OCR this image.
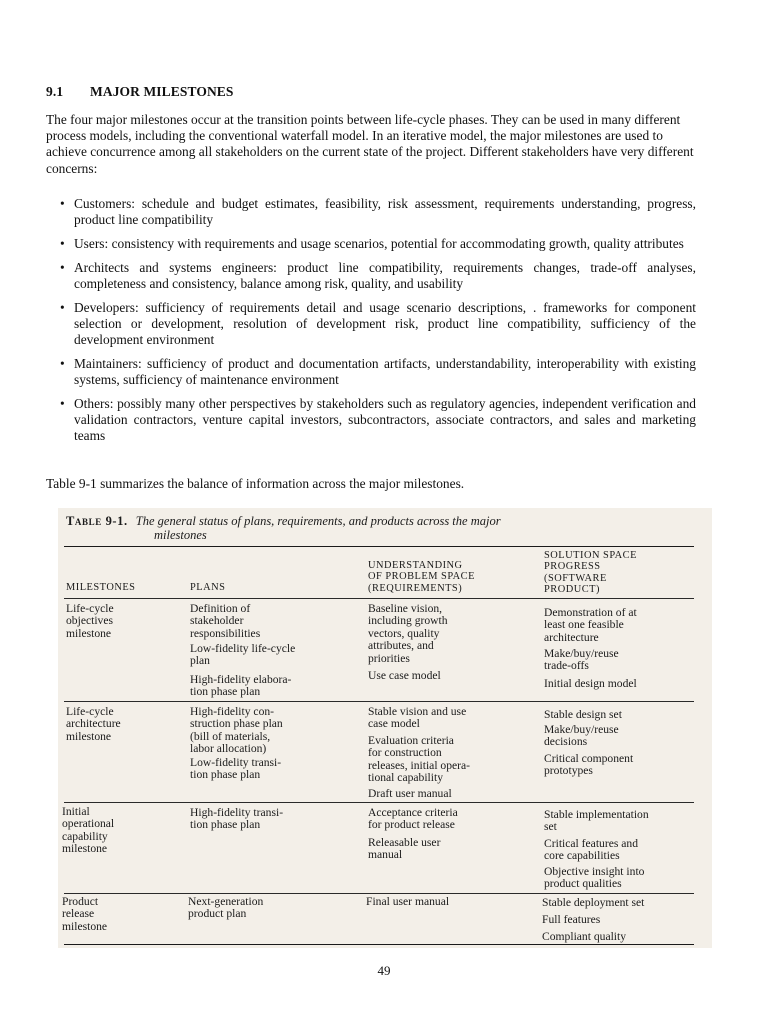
9.1 MAJOR MILESTONES
The four major milestones occur at the transition points between life-cycle phases. They can be used in many different process models, including the conventional waterfall model. In an iterative model, the major milestones are used to achieve concurrence among all stakeholders on the current state of the project. Different stakeholders have very different concerns:
• Customers: schedule and budget estimates, feasibility, risk assessment, requirements understanding, progress, product line compatibility
• Users: consistency with requirements and usage scenarios, potential for accommodating growth, quality attributes
• Architects and systems engineers: product line compatibility, requirements changes, trade-off analyses, completeness and consistency, balance among risk, quality, and usability
• Developers: sufficiency of requirements detail and usage scenario descriptions, . frameworks for component selection or development, resolution of development risk, product line compatibility, sufficiency of the development environment
• Maintainers: sufficiency of product and documentation artifacts, understandability, interoperability with existing systems, sufficiency of maintenance environment
• Others: possibly many other perspectives by stakeholders such as regulatory agencies, independent verification and validation contractors, venture capital investors, subcontractors, associate contractors, and sales and marketing teams
Table 9-1 summarizes the balance of information across the major milestones.
Table 9-1. The general status of plans, requirements, and products across the major
milestones
MILESTONES	PLANS
UNDERSTANDING
OF PROBLEM SPACE
(REQUIREMENTS)
SOLUTION SPACE
PROGRESS
(SOFTWARE
PRODUCT)
Life-cycle
objectives
milestone
Definition of
stakeholder
responsibilities
Low-fidelity life-cycle
plan
High-fidelity elabora-
tion phase plan
Baseline vision,
including growth
vectors, quality
attributes, and
priorities
Use case model
Demonstration of at
least one feasible
architecture
Make/buy/reuse
trade-offs
Initial design model
Life-cycle
architecture
milestone
High-fidelity con-
struction phase plan
(bill of materials,
labor allocation)
Low-fidelity transi-
tion phase plan
Stable vision and use
case model
Evaluation criteria
for construction
releases, initial opera-
tional capability
Draft user manual
Stable design set
Make/buy/reuse
decisions
Critical component
prototypes
Initial
operational
capability
milestone
High-fidelity transi-
tion phase plan
Acceptance criteria
for product release
Releasable user
manual
Stable implementation
set
Critical features and
core capabilities
Objective insight into
product qualities
Product
release
milestone
Next-generation
product plan
Final user manual	Stable deployment set
Full features
Compliant quality
49
